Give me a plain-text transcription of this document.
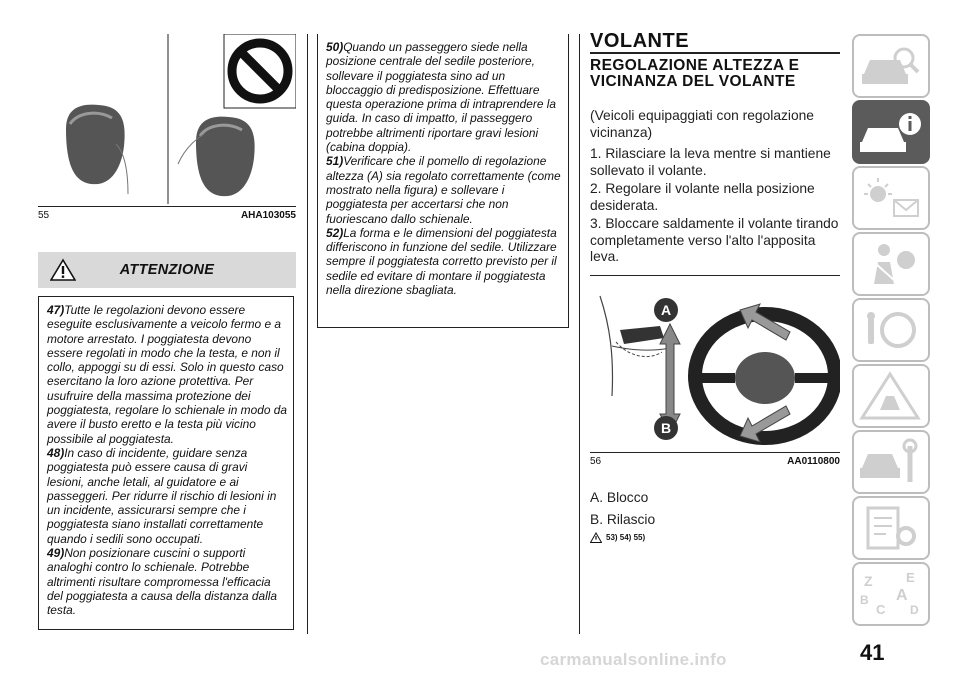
55	AHA103055
ATTENZIONE

47)Tutte le regolazioni devono essere eseguite esclusivamente a veicolo fermo e a motore arrestato. I poggiatesta devono essere regolati in modo che la testa, e non il collo, appoggi su di essi. Solo in questo caso esercitano la loro azione protettiva. Per usufruire della massima protezione dei poggiatesta, regolare lo schienale in modo da avere il busto eretto e la testa più vicino possibile al poggiatesta.

48)In caso di incidente, guidare senza poggiatesta può essere causa di gravi lesioni, anche letali, al guidatore e ai passeggeri. Per ridurre il rischio di lesioni in un incidente, assicurarsi sempre che i poggiatesta siano installati correttamente quando i sedili sono occupati.

49)Non posizionare cuscini o supporti analoghi contro lo schienale. Potrebbe altrimenti risultare compromessa l'efficacia del poggiatesta a causa della distanza dalla testa.

50)Quando un passeggero siede nella posizione centrale del sedile posteriore, sollevare il poggiatesta sino ad un bloccaggio di predisposizione. Effettuare questa operazione prima di intraprendere la guida. In caso di impatto, il passeggero potrebbe altrimenti riportare gravi lesioni (cabina doppia).

51)Verificare che il pomello di regolazione altezza (A) sia regolato correttamente (come mostrato nella figura) e sollevare i poggiatesta per accertarsi che non fuoriescano dallo schienale.

52)La forma e le dimensioni del poggiatesta differiscono in funzione del sedile. Utilizzare sempre il poggiatesta corretto previsto per il sedile ed evitare di montare il poggiatesta nella direzione sbagliata.

VOLANTE
REGOLAZIONE ALTEZZA E VICINANZA DEL VOLANTE
(Veicoli equipaggiati con regolazione vicinanza)
1. Rilasciare la leva mentre si mantiene sollevato il volante.
2. Regolare il volante nella posizione desiderata.
3. Bloccare saldamente il volante tirando completamente verso l'alto l'apposita leva.
A
B
56	AA0110800
A. Blocco
B. Rilascio
53) 54) 55)
Z	E
B
C
A
D
41
carmanualsonline.info
